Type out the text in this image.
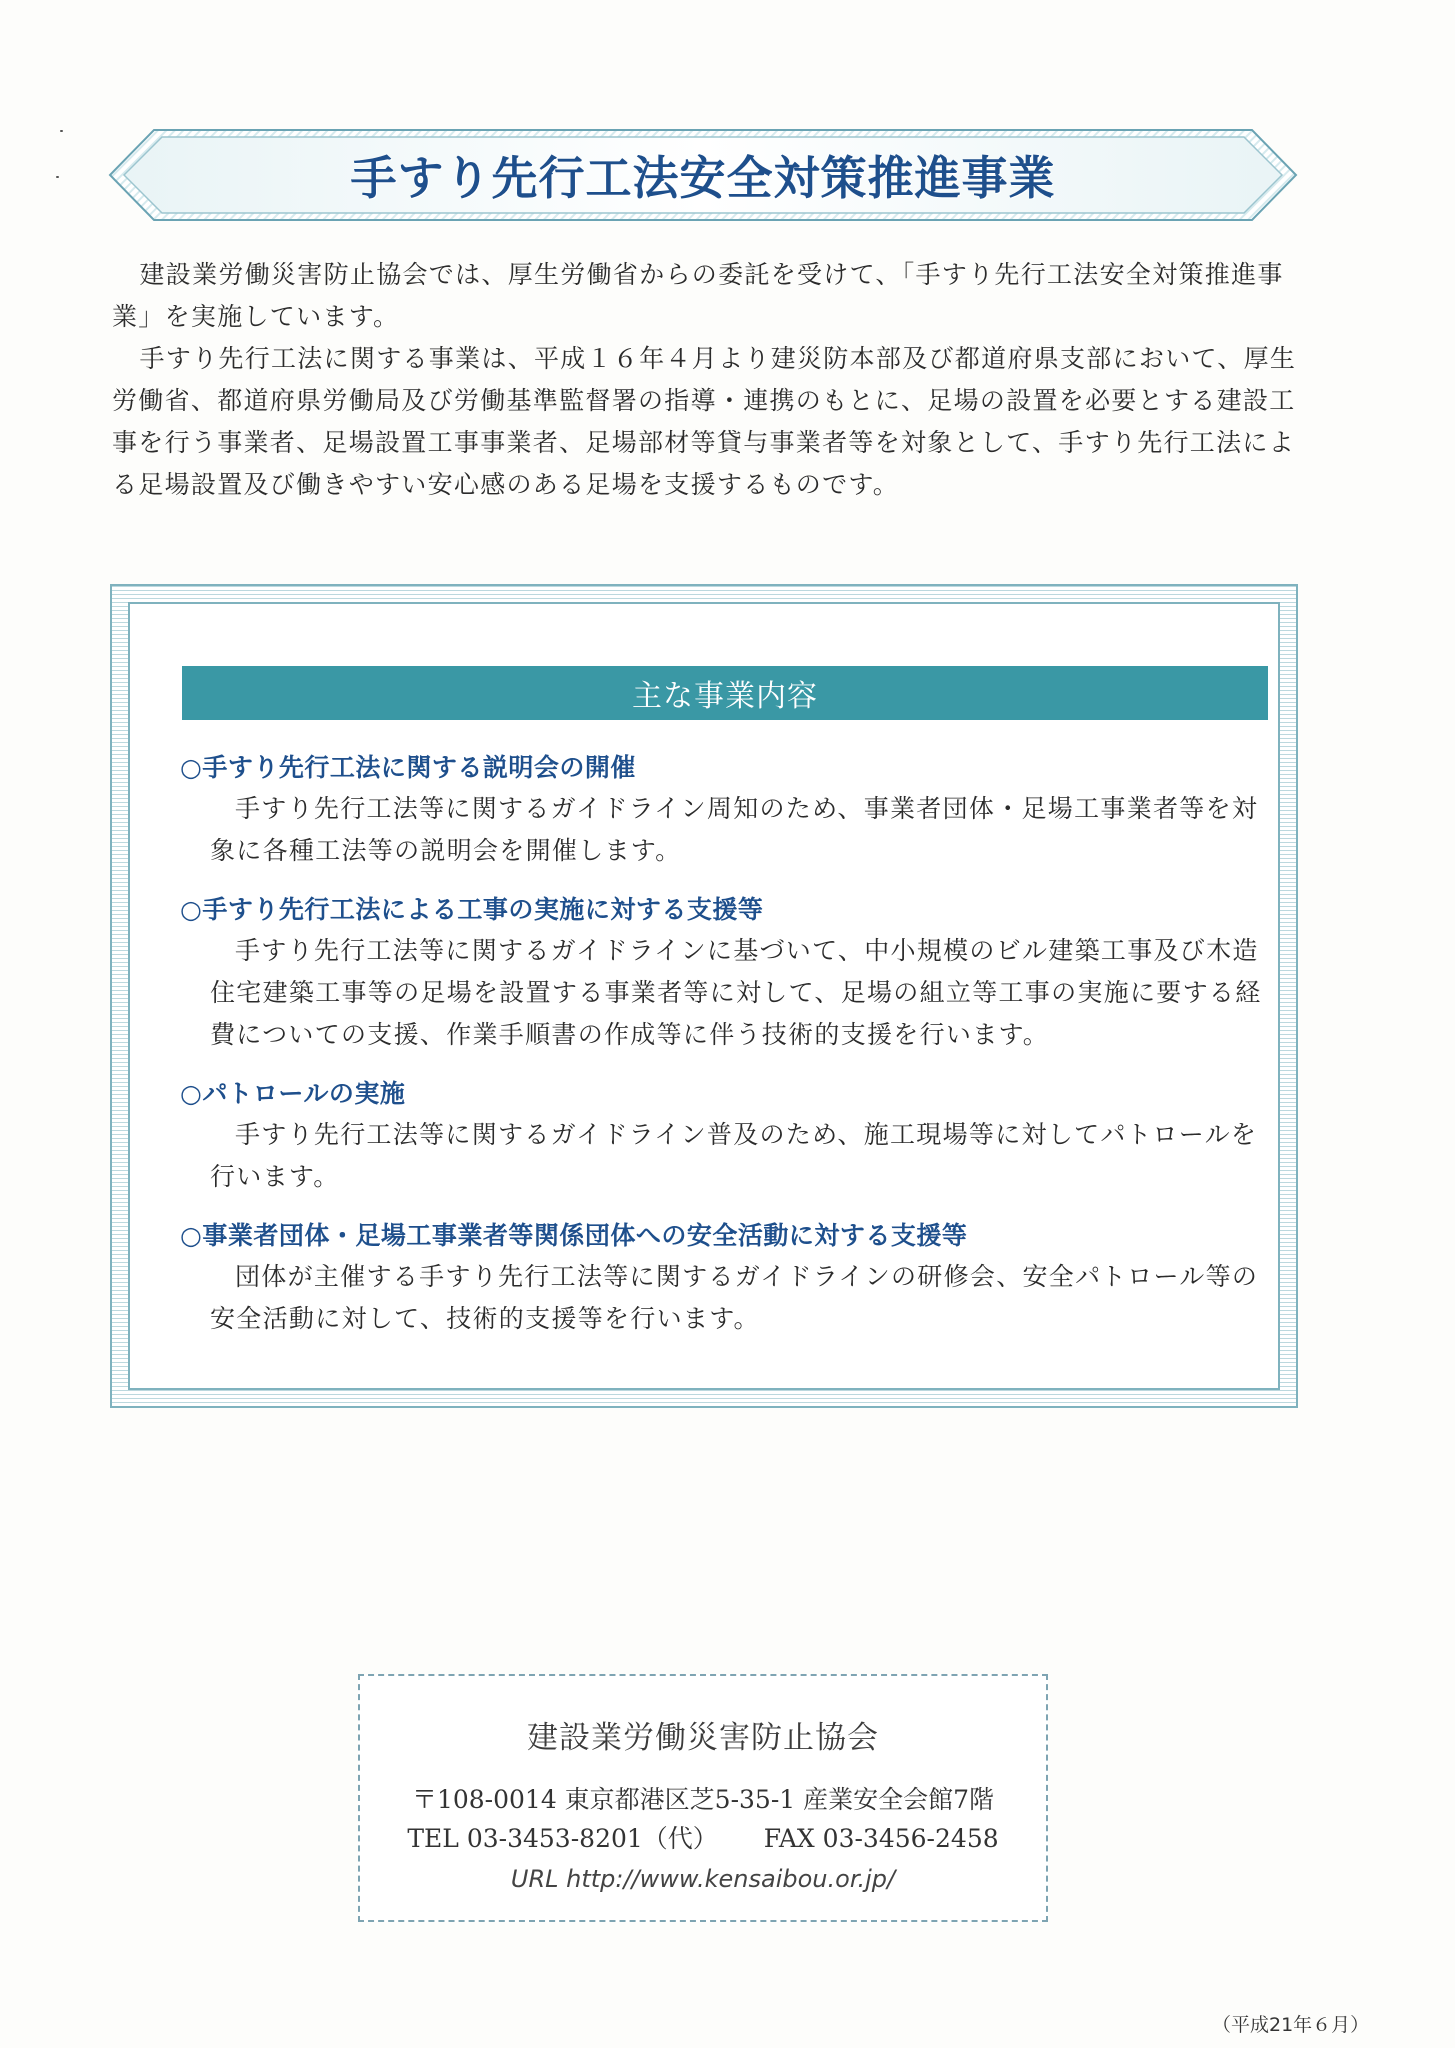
手すり先行工法安全対策推進事業

建設業労働災害防止協会では、厚生労働省からの委託を受けて、「手すり先行工法安全対策推進事業」を実施しています。

手すり先行工法に関する事業は、平成１６年４月より建災防本部及び都道府県支部において、厚生労働省、都道府県労働局及び労働基準監督署の指導・連携のもとに、足場の設置を必要とする建設工事を行う事業者、足場設置工事事業者、足場部材等貸与事業者等を対象として、手すり先行工法による足場設置及び働きやすい安心感のある足場を支援するものです。

主な事業内容
○手すり先行工法に関する説明会の開催
手すり先行工法等に関するガイドライン周知のため、事業者団体・足場工事業者等を対象に各種工法等の説明会を開催します。
○手すり先行工法による工事の実施に対する支援等
手すり先行工法等に関するガイドラインに基づいて、中小規模のビル建築工事及び木造住宅建築工事等の足場を設置する事業者等に対して、足場の組立等工事の実施に要する経費についての支援、作業手順書の作成等に伴う技術的支援を行います。
○パトロールの実施
手すり先行工法等に関するガイドライン普及のため、施工現場等に対してパトロールを行います。
○事業者団体・足場工事業者等関係団体への安全活動に対する支援等
団体が主催する手すり先行工法等に関するガイドラインの研修会、安全パトロール等の安全活動に対して、技術的支援等を行います。
建設業労働災害防止協会
〒108-0014 東京都港区芝5-35-1 産業安全会館7階
TEL 03-3453-8201（代） FAX 03-3456-2458
URL http://www.kensaibou.or.jp/
（平成21年６月）
